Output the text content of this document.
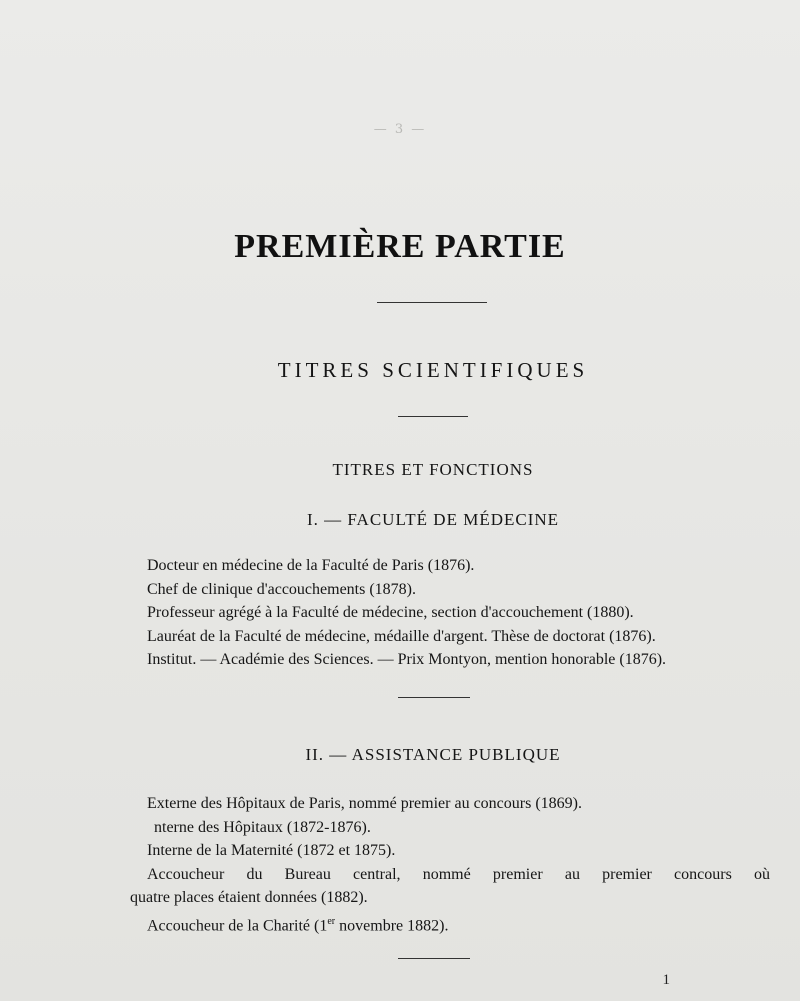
— 3 —
PREMIÈRE PARTIE
TITRES SCIENTIFIQUES
TITRES ET FONCTIONS
I. — FACULTÉ DE MÉDECINE
Docteur en médecine de la Faculté de Paris (1876).
Chef de clinique d'accouchements (1878).
Professeur agrégé à la Faculté de médecine, section d'accouchement (1880).
Lauréat de la Faculté de médecine, médaille d'argent. Thèse de doctorat (1876).
Institut. — Académie des Sciences. — Prix Montyon, mention honorable (1876).
II. — ASSISTANCE PUBLIQUE
Externe des Hôpitaux de Paris, nommé premier au concours (1869).
nterne des Hôpitaux (1872-1876).
Interne de la Maternité (1872 et 1875).
Accoucheur du Bureau central, nommé premier au premier concours où
quatre places étaient données (1882).
Accoucheur de la Charité (1er novembre 1882).
1
